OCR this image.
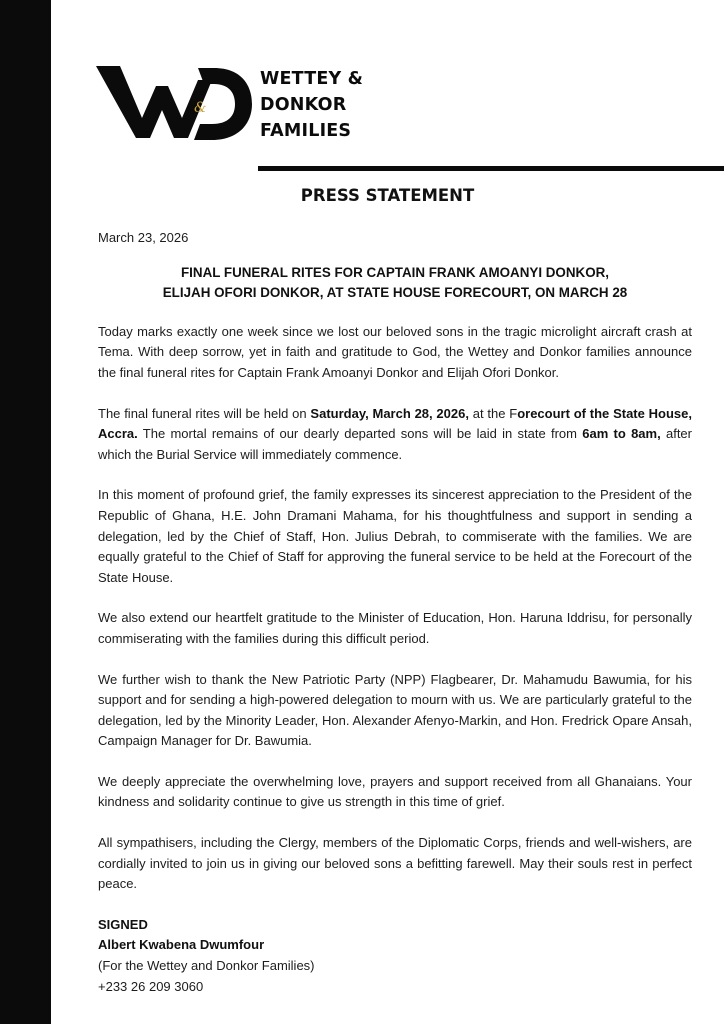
&
WETTEY &
DONKOR
FAMILIES
PRESS STATEMENT
March 23, 2026
FINAL FUNERAL RITES FOR CAPTAIN FRANK AMOANYI DONKOR,
ELIJAH OFORI DONKOR, AT STATE HOUSE FORECOURT, ON MARCH 28

Today marks exactly one week since we lost our beloved sons in the tragic microlight aircraft crash at Tema. With deep sorrow, yet in faith and gratitude to God, the Wettey and Donkor families announce the final funeral rites for Captain Frank Amoanyi Donkor and Elijah Ofori Donkor.

The final funeral rites will be held on Saturday, March 28, 2026, at the Forecourt of the State House, Accra. The mortal remains of our dearly departed sons will be laid in state from 6am to 8am, after which the Burial Service will immediately commence.

In this moment of profound grief, the family expresses its sincerest appreciation to the President of the Republic of Ghana, H.E. John Dramani Mahama, for his thoughtfulness and support in sending a delegation, led by the Chief of Staff, Hon. Julius Debrah, to commiserate with the families. We are equally grateful to the Chief of Staff for approving the funeral service to be held at the Forecourt of the State House.

We also extend our heartfelt gratitude to the Minister of Education, Hon. Haruna Iddrisu, for personally commiserating with the families during this difficult period.

We further wish to thank the New Patriotic Party (NPP) Flagbearer, Dr. Mahamudu Bawumia, for his support and for sending a high-powered delegation to mourn with us. We are particularly grateful to the delegation, led by the Minority Leader, Hon. Alexander Afenyo-Markin, and Hon. Fredrick Opare Ansah, Campaign Manager for Dr. Bawumia.

We deeply appreciate the overwhelming love, prayers and support received from all Ghanaians. Your kindness and solidarity continue to give us strength in this time of grief.

All sympathisers, including the Clergy, members of the Diplomatic Corps, friends and well-wishers, are cordially invited to join us in giving our beloved sons a befitting farewell. May their souls rest in perfect peace.

SIGNED
Albert Kwabena Dwumfour
(For the Wettey and Donkor Families)
+233 26 209 3060
